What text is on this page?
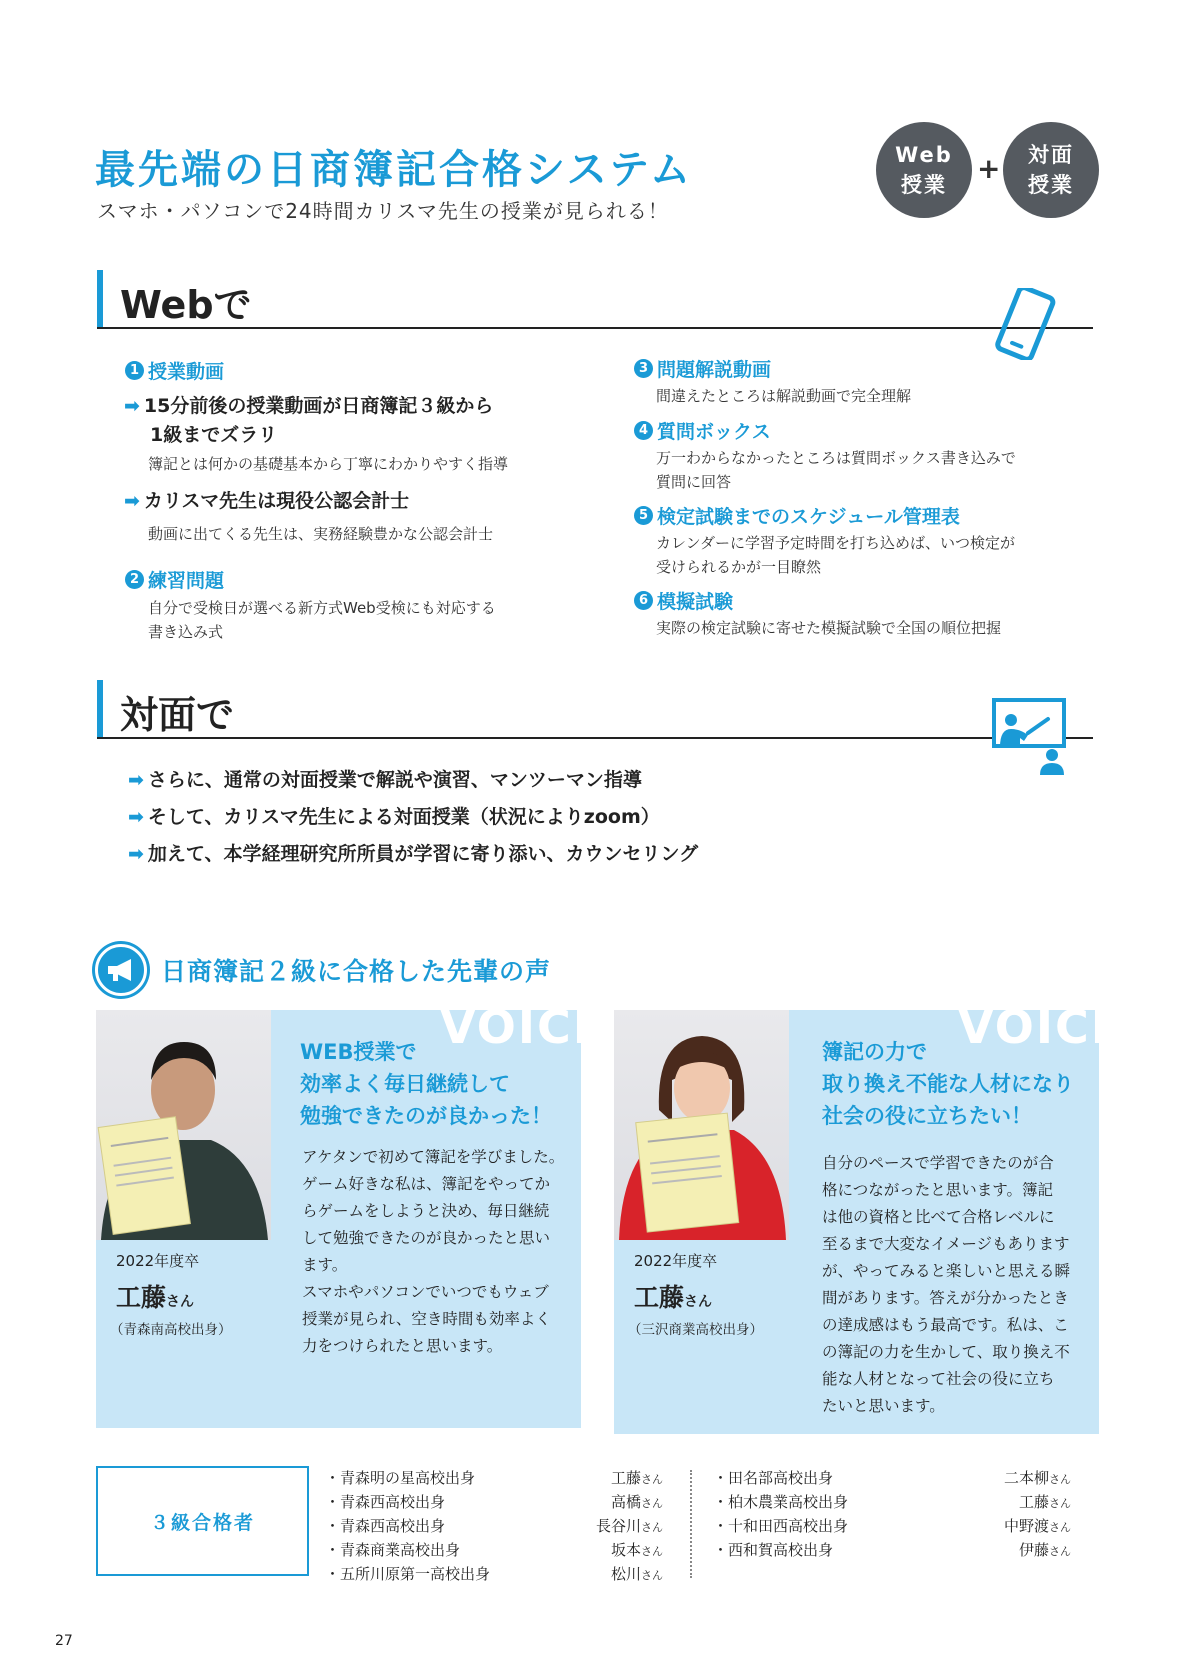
最先端の日商簿記合格システム
スマホ・パソコンで24時間カリスマ先生の授業が見られる！
Web
授業	+	対面
授業
Webで
1 授業動画
➡ 15分前後の授業動画が日商簿記３級から
1級までズラリ
簿記とは何かの基礎基本から丁寧にわかりやすく指導
➡ カリスマ先生は現役公認会計士
動画に出てくる先生は、実務経験豊かな公認会計士
2 練習問題
自分で受検日が選べる新方式Web受検にも対応する
書き込み式
3 問題解説動画
間違えたところは解説動画で完全理解
4 質問ボックス
万一わからなかったところは質問ボックス書き込みで
質問に回答
5 検定試験までのスケジュール管理表
カレンダーに学習予定時間を打ち込めば、いつ検定が
受けられるかが一目瞭然
6 模擬試験
実際の検定試験に寄せた模擬試験で全国の順位把握
対面で
➡ さらに、通常の対面授業で解説や演習、マンツーマン指導
➡ そして、カリスマ先生による対面授業（状況によりzoom）
➡ 加えて、本学経理研究所所員が学習に寄り添い、カウンセリング
日商簿記２級に合格した先輩の声
VOICE
WEB授業で
効率よく毎日継続して
勉強できたのが良かった！
アケタンで初めて簿記を学びました。
ゲーム好きな私は、簿記をやってか
らゲームをしようと決め、毎日継続
して勉強できたのが良かったと思い
ます。
スマホやパソコンでいつでもウェブ
授業が見られ、空き時間も効率よく
力をつけられたと思います。
2022年度卒
工藤さん
（青森南高校出身）
VOICE
簿記の力で
取り換え不能な人材になり
社会の役に立ちたい！
自分のペースで学習できたのが合
格につながったと思います。簿記
は他の資格と比べて合格レベルに
至るまで大変なイメージもあります
が、やってみると楽しいと思える瞬
間があります。答えが分かったとき
の達成感はもう最高です。私は、こ
の簿記の力を生かして、取り換え不
能な人材となって社会の役に立ち
たいと思います。
2022年度卒
工藤さん
（三沢商業高校出身）
３級合格者
・青森明の星高校出身	工藤さん
・青森西高校出身	高橋さん
・青森西高校出身	長谷川さん
・青森商業高校出身	坂本さん
・五所川原第一高校出身	松川さん
・田名部高校出身	二本柳さん
・柏木農業高校出身	工藤さん
・十和田西高校出身	中野渡さん
・西和賀高校出身	伊藤さん
27
